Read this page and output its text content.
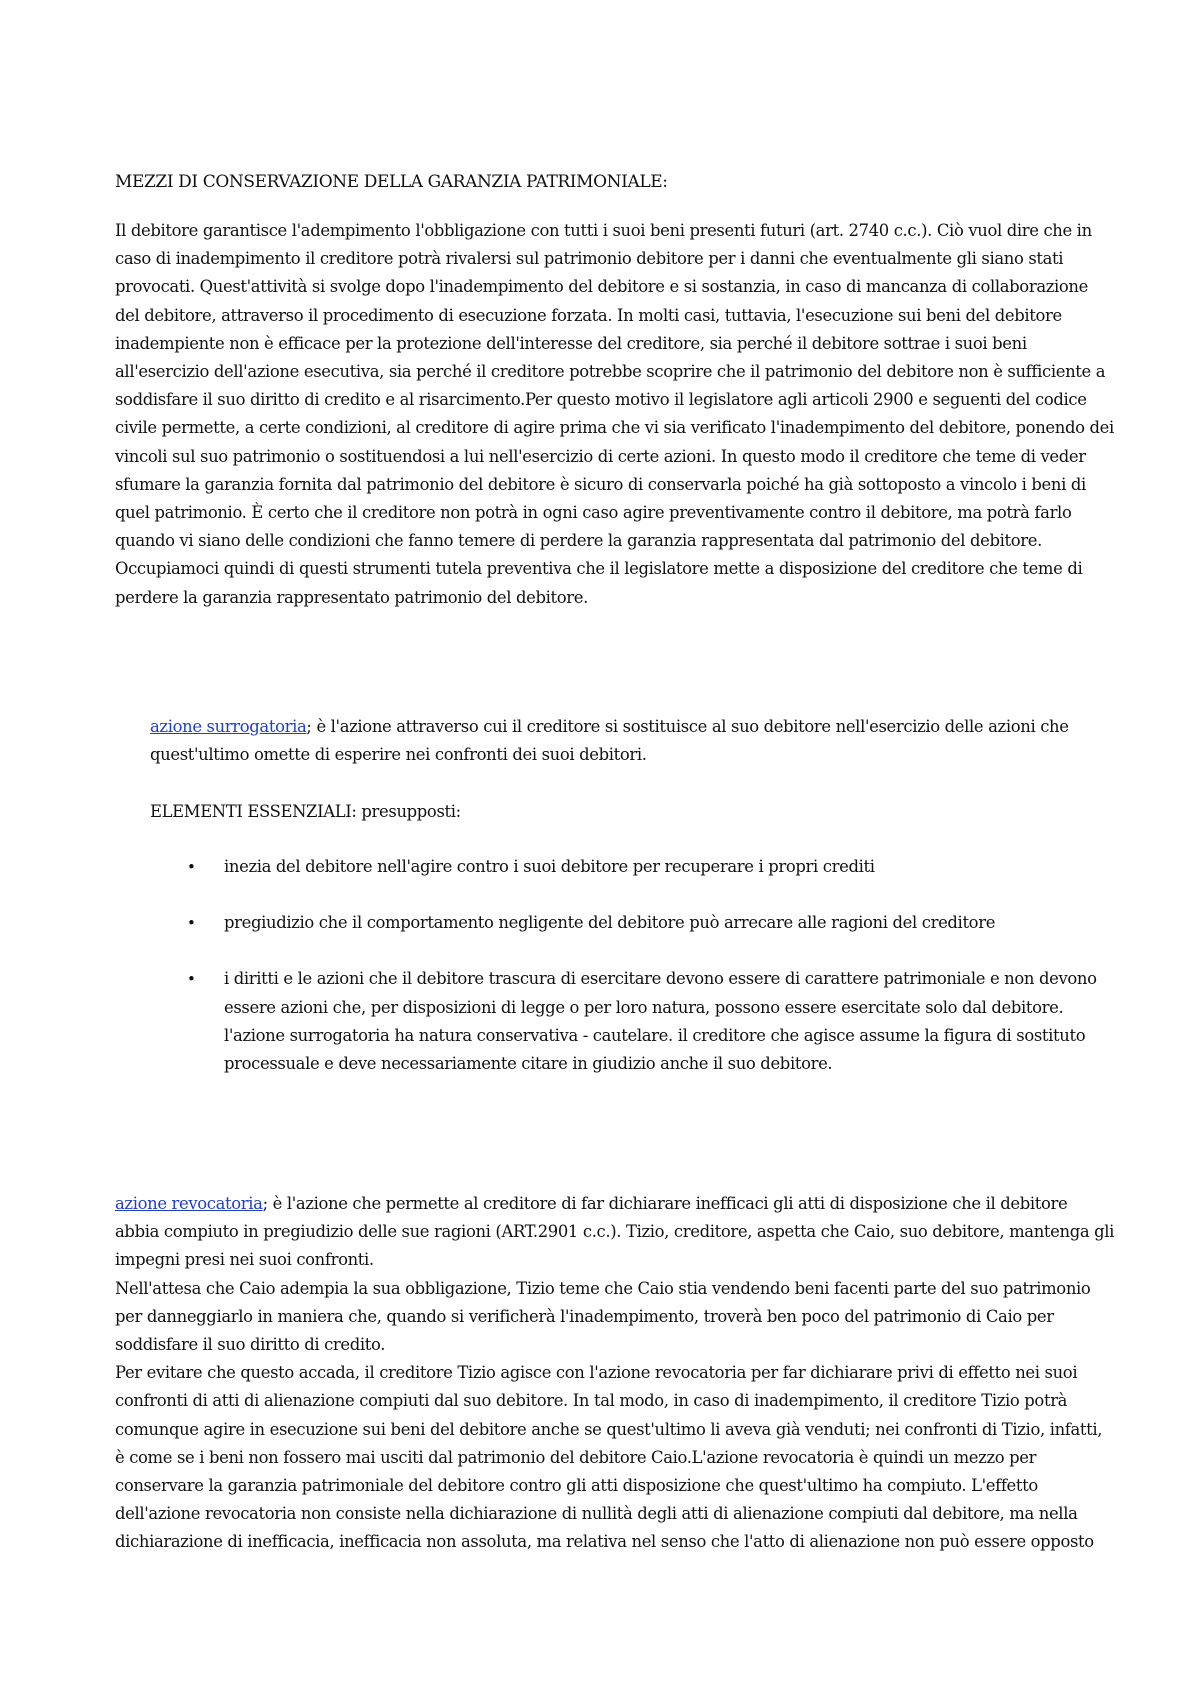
MEZZI DI CONSERVAZIONE DELLA GARANZIA PATRIMONIALE:

Il debitore garantisce l'adempimento l'obbligazione con tutti i suoi beni presenti futuri (art. 2740 c.c.). Ciò vuol dire che in caso di inadempimento il creditore potrà rivalersi sul patrimonio debitore per i danni che eventualmente gli siano stati provocati. Quest'attività si svolge dopo l'inadempimento del debitore e si sostanzia, in caso di mancanza di collaborazione del debitore, attraverso il procedimento di esecuzione forzata. In molti casi, tuttavia, l'esecuzione sui beni del debitore inadempiente non è efficace per la protezione dell'interesse del creditore, sia perché il debitore sottrae i suoi beni all'esercizio dell'azione esecutiva, sia perché il creditore potrebbe scoprire che il patrimonio del debitore non è sufficiente a soddisfare il suo diritto di credito e al risarcimento.Per questo motivo il legislatore agli articoli 2900 e seguenti del codice civile permette, a certe condizioni, al creditore di agire prima che vi sia verificato l'inadempimento del debitore, ponendo dei vincoli sul suo patrimonio o sostituendosi a lui nell'esercizio di certe azioni. In questo modo il creditore che teme di veder sfumare la garanzia fornita dal patrimonio del debitore è sicuro di conservarla poiché ha già sottoposto a vincolo i beni di quel patrimonio. È certo che il creditore non potrà in ogni caso agire preventivamente contro il debitore, ma potrà farlo quando vi siano delle condizioni che fanno temere di perdere la garanzia rappresentata dal patrimonio del debitore. Occupiamoci quindi di questi strumenti tutela preventiva che il legislatore mette a disposizione del creditore che teme di perdere la garanzia rappresentato patrimonio del debitore.

azione surrogatoria; è l'azione attraverso cui il creditore si sostituisce al suo debitore nell'esercizio delle azioni che quest'ultimo omette di esperire nei confronti dei suoi debitori.

ELEMENTI ESSENZIALI: presupposti:

• inezia del debitore nell'agire contro i suoi debitore per recuperare i propri crediti
• pregiudizio che il comportamento negligente del debitore può arrecare alle ragioni del creditore
• i diritti e le azioni che il debitore trascura di esercitare devono essere di carattere patrimoniale e non devono essere azioni che, per disposizioni di legge o per loro natura, possono essere esercitate solo dal debitore. l'azione surrogatoria ha natura conservativa - cautelare. il creditore che agisce assume la figura di sostituto processuale e deve necessariamente citare in giudizio anche il suo debitore.
azione revocatoria; è l'azione che permette al creditore di far dichiarare inefficaci gli atti di disposizione che il debitore abbia compiuto in pregiudizio delle sue ragioni (ART.2901 c.c.). Tizio, creditore, aspetta che Caio, suo debitore, mantenga gli impegni presi nei suoi confronti.
Nell'attesa che Caio adempia la sua obbligazione, Tizio teme che Caio stia vendendo beni facenti parte del suo patrimonio per danneggiarlo in maniera che, quando si verificherà l'inadempimento, troverà ben poco del patrimonio di Caio per soddisfare il suo diritto di credito.
Per evitare che questo accada, il creditore Tizio agisce con l'azione revocatoria per far dichiarare privi di effetto nei suoi confronti di atti di alienazione compiuti dal suo debitore. In tal modo, in caso di inadempimento, il creditore Tizio potrà comunque agire in esecuzione sui beni del debitore anche se quest'ultimo li aveva già venduti; nei confronti di Tizio, infatti, è come se i beni non fossero mai usciti dal patrimonio del debitore Caio.L'azione revocatoria è quindi un mezzo per conservare la garanzia patrimoniale del debitore contro gli atti disposizione che quest'ultimo ha compiuto. L'effetto dell'azione revocatoria non consiste nella dichiarazione di nullità degli atti di alienazione compiuti dal debitore, ma nella dichiarazione di inefficacia, inefficacia non assoluta, ma relativa nel senso che l'atto di alienazione non può essere opposto
